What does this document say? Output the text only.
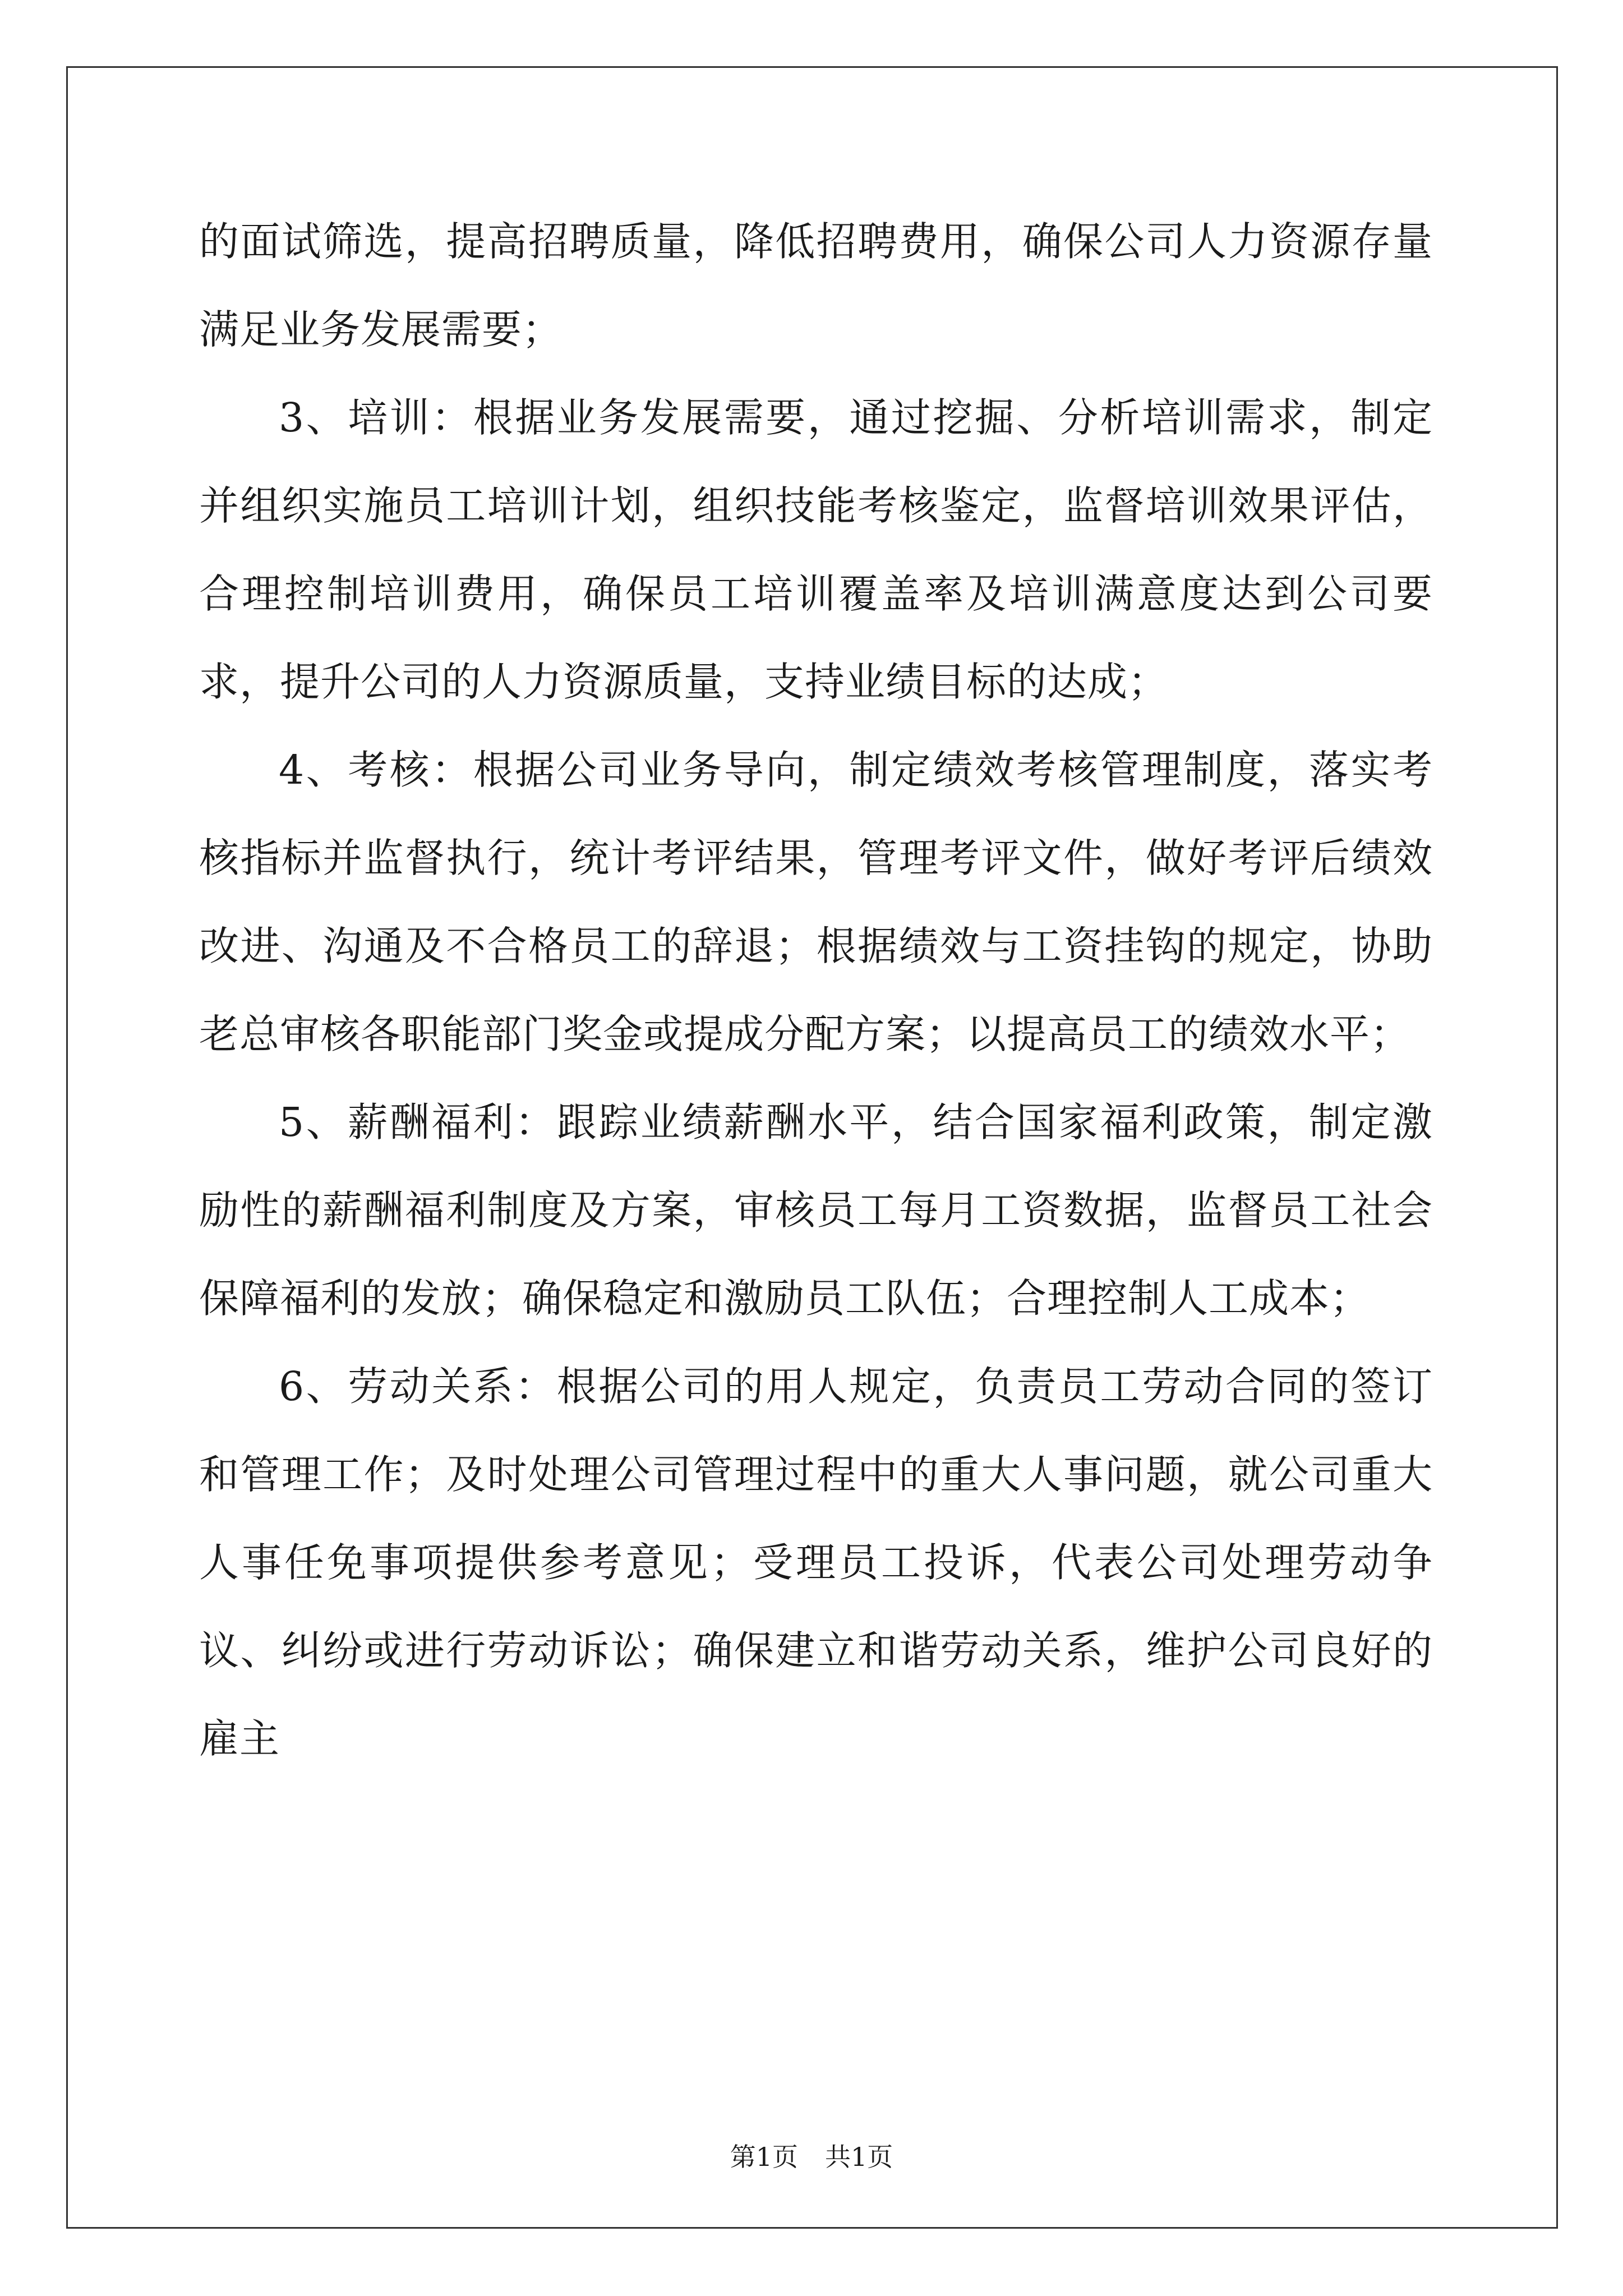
的面试筛选，提高招聘质量，降低招聘费用，确保公司人力资源存量满足业务发展需要；

3、培训：根据业务发展需要，通过挖掘、分析培训需求，制定并组织实施员工培训计划，组织技能考核鉴定，监督培训效果评估，合理控制培训费用，确保员工培训覆盖率及培训满意度达到公司要求，提升公司的人力资源质量，支持业绩目标的达成；

4、考核：根据公司业务导向，制定绩效考核管理制度，落实考核指标并监督执行，统计考评结果，管理考评文件，做好考评后绩效改进、沟通及不合格员工的辞退；根据绩效与工资挂钩的规定，协助老总审核各职能部门奖金或提成分配方案；以提高员工的绩效水平；

5、薪酬福利：跟踪业绩薪酬水平，结合国家福利政策，制定激励性的薪酬福利制度及方案，审核员工每月工资数据，监督员工社会保障福利的发放；确保稳定和激励员工队伍；合理控制人工成本；

6、劳动关系：根据公司的用人规定，负责员工劳动合同的签订和管理工作；及时处理公司管理过程中的重大人事问题，就公司重大人事任免事项提供参考意见；受理员工投诉，代表公司处理劳动争议、纠纷或进行劳动诉讼；确保建立和谐劳动关系，维护公司良好的雇主

第1页 共1页
